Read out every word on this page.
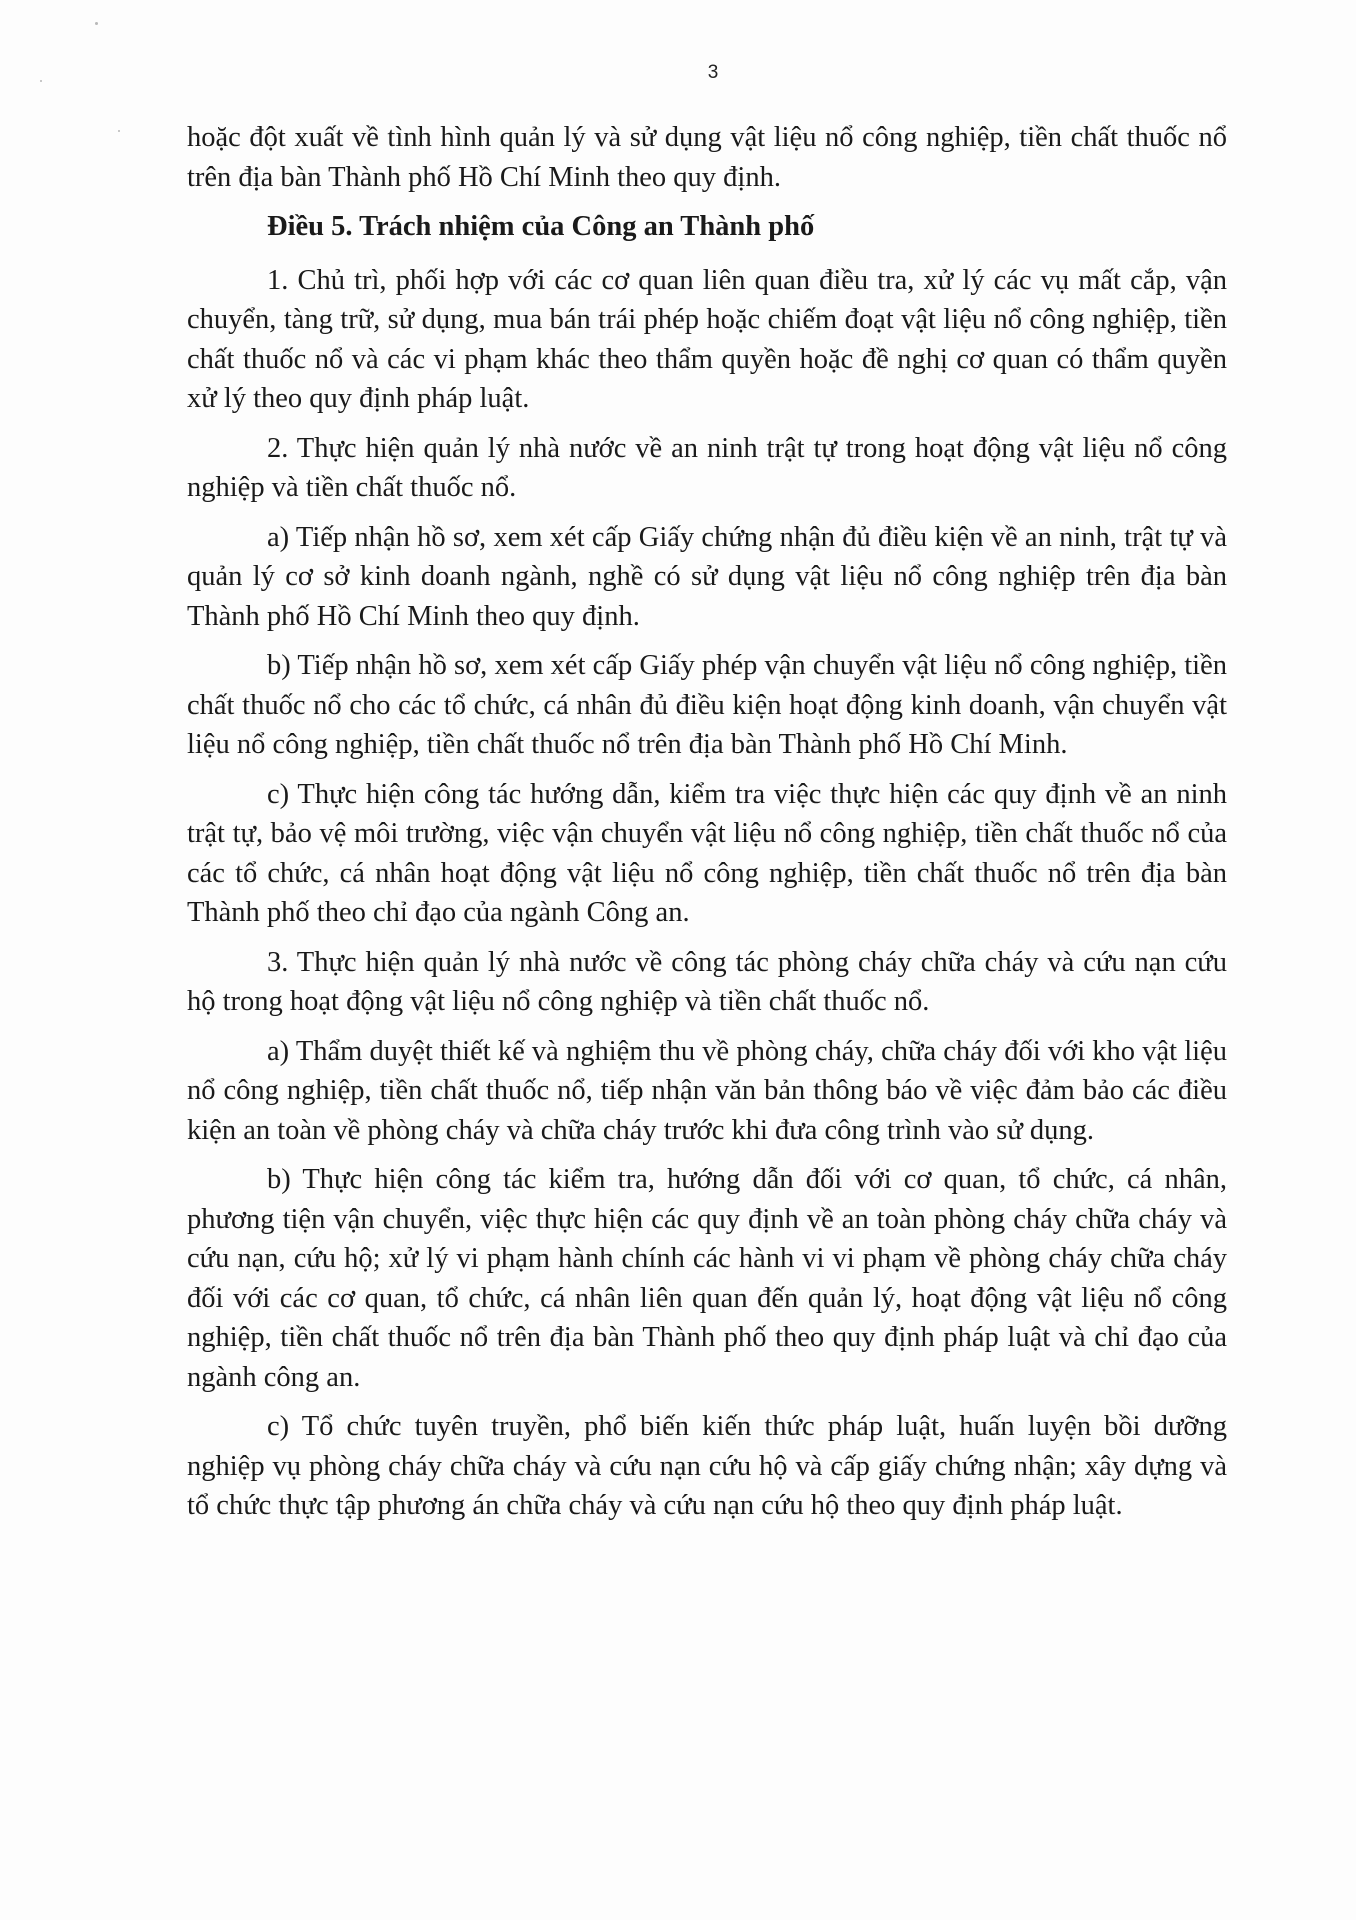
3

hoặc đột xuất về tình hình quản lý và sử dụng vật liệu nổ công nghiệp, tiền chất thuốc nổ trên địa bàn Thành phố Hồ Chí Minh theo quy định.

Điều 5. Trách nhiệm của Công an Thành phố

1. Chủ trì, phối hợp với các cơ quan liên quan điều tra, xử lý các vụ mất cắp, vận chuyển, tàng trữ, sử dụng, mua bán trái phép hoặc chiếm đoạt vật liệu nổ công nghiệp, tiền chất thuốc nổ và các vi phạm khác theo thẩm quyền hoặc đề nghị cơ quan có thẩm quyền xử lý theo quy định pháp luật.

2. Thực hiện quản lý nhà nước về an ninh trật tự trong hoạt động vật liệu nổ công nghiệp và tiền chất thuốc nổ.

a) Tiếp nhận hồ sơ, xem xét cấp Giấy chứng nhận đủ điều kiện về an ninh, trật tự và quản lý cơ sở kinh doanh ngành, nghề có sử dụng vật liệu nổ công nghiệp trên địa bàn Thành phố Hồ Chí Minh theo quy định.

b) Tiếp nhận hồ sơ, xem xét cấp Giấy phép vận chuyển vật liệu nổ công nghiệp, tiền chất thuốc nổ cho các tổ chức, cá nhân đủ điều kiện hoạt động kinh doanh, vận chuyển vật liệu nổ công nghiệp, tiền chất thuốc nổ trên địa bàn Thành phố Hồ Chí Minh.

c) Thực hiện công tác hướng dẫn, kiểm tra việc thực hiện các quy định về an ninh trật tự, bảo vệ môi trường, việc vận chuyển vật liệu nổ công nghiệp, tiền chất thuốc nổ của các tổ chức, cá nhân hoạt động vật liệu nổ công nghiệp, tiền chất thuốc nổ trên địa bàn Thành phố theo chỉ đạo của ngành Công an.

3. Thực hiện quản lý nhà nước về công tác phòng cháy chữa cháy và cứu nạn cứu hộ trong hoạt động vật liệu nổ công nghiệp và tiền chất thuốc nổ.

a) Thẩm duyệt thiết kế và nghiệm thu về phòng cháy, chữa cháy đối với kho vật liệu nổ công nghiệp, tiền chất thuốc nổ, tiếp nhận văn bản thông báo về việc đảm bảo các điều kiện an toàn về phòng cháy và chữa cháy trước khi đưa công trình vào sử dụng.

b) Thực hiện công tác kiểm tra, hướng dẫn đối với cơ quan, tổ chức, cá nhân, phương tiện vận chuyển, việc thực hiện các quy định về an toàn phòng cháy chữa cháy và cứu nạn, cứu hộ; xử lý vi phạm hành chính các hành vi vi phạm về phòng cháy chữa cháy đối với các cơ quan, tổ chức, cá nhân liên quan đến quản lý, hoạt động vật liệu nổ công nghiệp, tiền chất thuốc nổ trên địa bàn Thành phố theo quy định pháp luật và chỉ đạo của ngành công an.

c) Tổ chức tuyên truyền, phổ biến kiến thức pháp luật, huấn luyện bồi dưỡng nghiệp vụ phòng cháy chữa cháy và cứu nạn cứu hộ và cấp giấy chứng nhận; xây dựng và tổ chức thực tập phương án chữa cháy và cứu nạn cứu hộ theo quy định pháp luật.
